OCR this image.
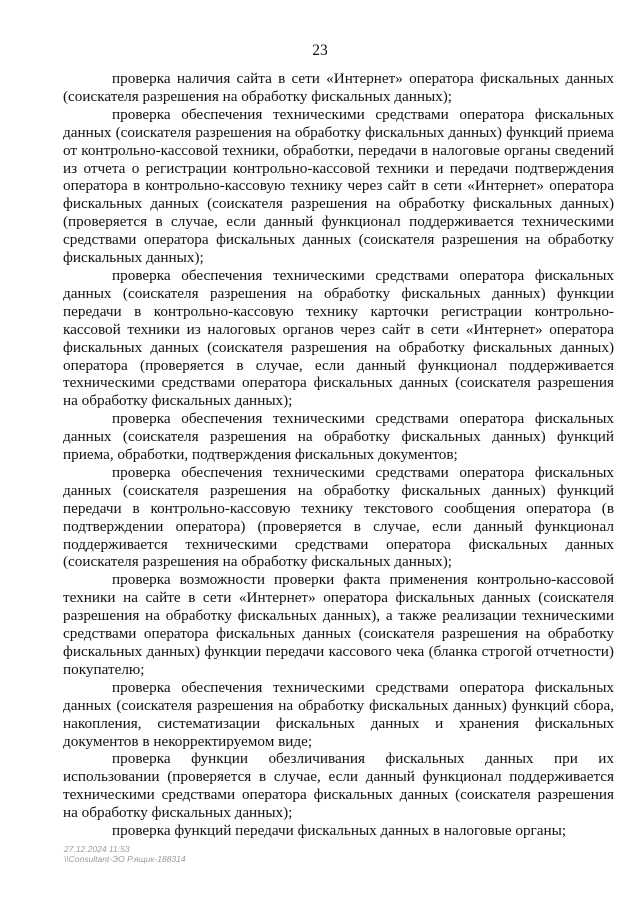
23

проверка наличия сайта в сети «Интернет» оператора фискальных данных (соискателя разрешения на обработку фискальных данных);

проверка обеспечения техническими средствами оператора фискальных данных (соискателя разрешения на обработку фискальных данных) функций приема от контрольно-кассовой техники, обработки, передачи в налоговые органы сведений из отчета о регистрации контрольно-кассовой техники и передачи подтверждения оператора в контрольно-кассовую технику через сайт в сети «Интернет» оператора фискальных данных (соискателя разрешения на обработку фискальных данных) (проверяется в случае, если данный функционал поддерживается техническими средствами оператора фискальных данных (соискателя разрешения на обработку фискальных данных);

проверка обеспечения техническими средствами оператора фискальных данных (соискателя разрешения на обработку фискальных данных) функции передачи в контрольно-кассовую технику карточки регистрации контрольно-кассовой техники из налоговых органов через сайт в сети «Интернет» оператора фискальных данных (соискателя разрешения на обработку фискальных данных) оператора (проверяется в случае, если данный функционал поддерживается техническими средствами оператора фискальных данных (соискателя разрешения на обработку фискальных данных);

проверка обеспечения техническими средствами оператора фискальных данных (соискателя разрешения на обработку фискальных данных) функций приема, обработки, подтверждения фискальных документов;

проверка обеспечения техническими средствами оператора фискальных данных (соискателя разрешения на обработку фискальных данных) функций передачи в контрольно-кассовую технику текстового сообщения оператора (в подтверждении оператора) (проверяется в случае, если данный функционал поддерживается техническими средствами оператора фискальных данных (соискателя разрешения на обработку фискальных данных);

проверка возможности проверки факта применения контрольно-кассовой техники на сайте в сети «Интернет» оператора фискальных данных (соискателя разрешения на обработку фискальных данных), а также реализации техническими средствами оператора фискальных данных (соискателя разрешения на обработку фискальных данных) функции передачи кассового чека (бланка строгой отчетности) покупателю;

проверка обеспечения техническими средствами оператора фискальных данных (соискателя разрешения на обработку фискальных данных) функций сбора, накопления, систематизации фискальных данных и хранения фискальных документов в некорректируемом виде;

проверка функции обезличивания фискальных данных при их использовании (проверяется в случае, если данный функционал поддерживается техническими средствами оператора фискальных данных (соискателя разрешения на обработку фискальных данных);

проверка функций передачи фискальных данных в налоговые органы;

27.12.2024 11:53
\\Consultant-ЭО Р.ящик-188314
